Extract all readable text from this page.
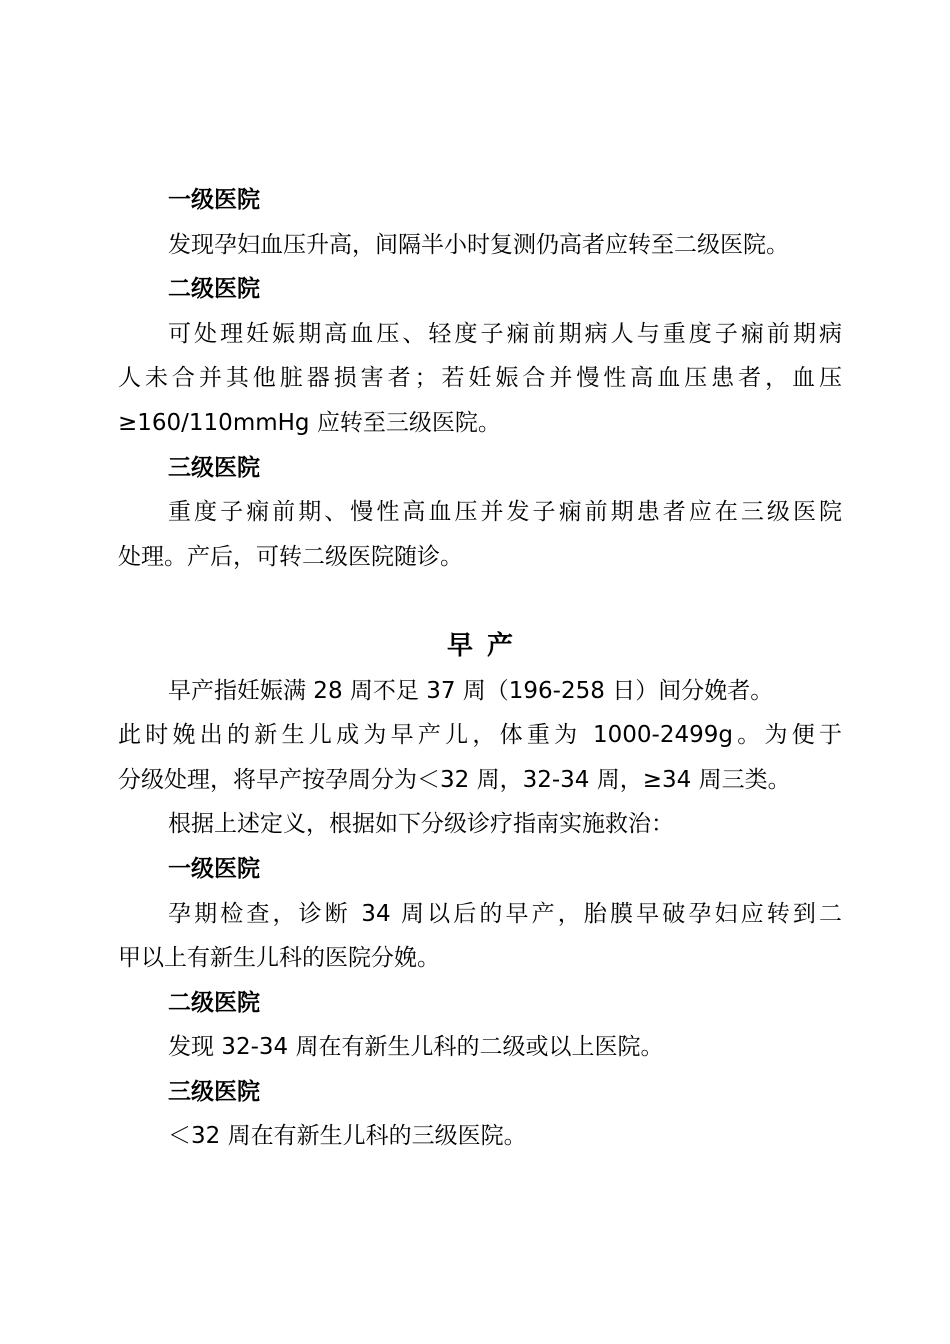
一级医院
发现孕妇血压升高，间隔半小时复测仍高者应转至二级医院。
二级医院
可处理妊娠期高血压、轻度子痫前期病人与重度子痫前期病
人未合并其他脏器损害者；若妊娠合并慢性高血压患者，血压
≥160/110mmHg 应转至三级医院。
三级医院
重度子痫前期、慢性高血压并发子痫前期患者应在三级医院
处理。产后，可转二级医院随诊。
早产
早产指妊娠满 28 周不足 37 周（196-258 日）间分娩者。
此时娩出的新生儿成为早产儿，体重为 1000-2499g。为便于
分级处理，将早产按孕周分为＜32 周，32-34 周，≥34 周三类。
根据上述定义，根据如下分级诊疗指南实施救治：
一级医院
孕期检查，诊断 34 周以后的早产，胎膜早破孕妇应转到二
甲以上有新生儿科的医院分娩。
二级医院
发现 32-34 周在有新生儿科的二级或以上医院。
三级医院
＜32 周在有新生儿科的三级医院。
